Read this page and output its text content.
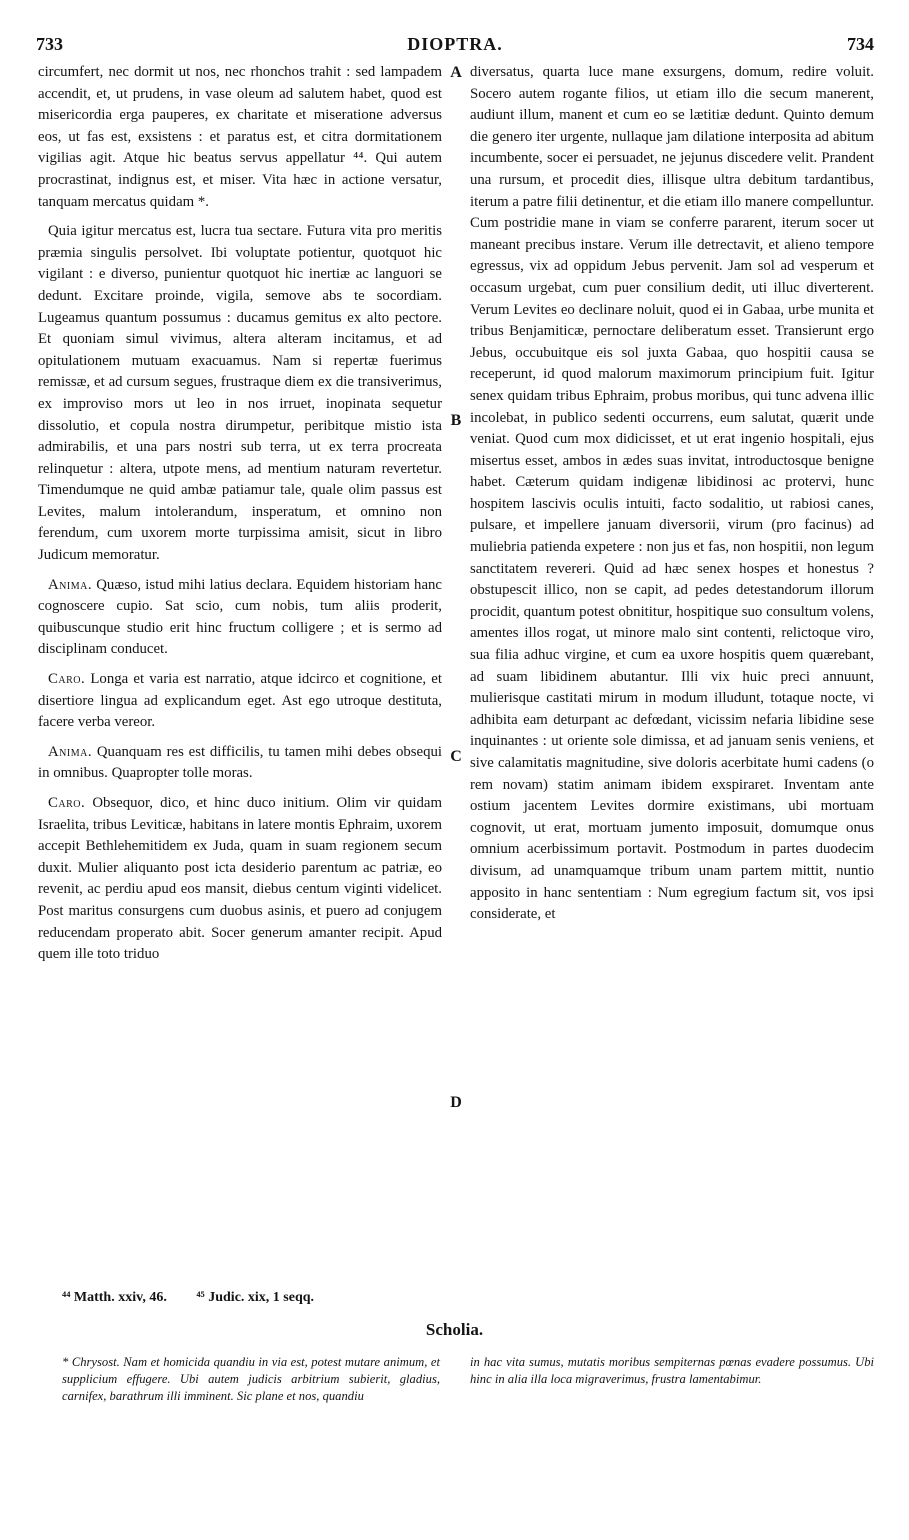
733	DIOPTRA.	734

circumfert, nec dormit ut nos, nec rhonchos trahit : sed lampadem accendit, et, ut prudens, in vase oleum ad salutem habet, quod est misericordia erga pauperes, ex charitate et miseratione adversus eos, ut fas est, exsistens : et paratus est, et citra dormitationem vigilias agit. Atque hic beatus servus appellatur ⁴⁴. Qui autem procrastinat, indignus est, et miser. Vita hæc in actione versatur, tanquam mercatus quidam *.

Quia igitur mercatus est, lucra tua sectare. Futura vita pro meritis præmia singulis persolvet. Ibi voluptate potientur, quotquot hic vigilant : e diverso, punientur quotquot hic inertiæ ac languori se dedunt. Excitare proinde, vigila, semove abs te socordiam. Lugeamus quantum possumus : ducamus gemitus ex alto pectore. Et quoniam simul vivimus, altera alteram incitamus, et ad opitulationem mutuam exacuamus. Nam si repertæ fuerimus remissæ, et ad cursum segues, frustraque diem ex die transiverimus, ex improviso mors ut leo in nos irruet, inopinata sequetur dissolutio, et copula nostra dirumpetur, peribitque mistio ista admirabilis, et una pars nostri sub terra, ut ex terra procreata relinquetur : altera, utpote mens, ad mentium naturam revertetur. Timendumque ne quid ambæ patiamur tale, quale olim passus est Levites, malum intolerandum, insperatum, et omnino non ferendum, cum uxorem morte turpissima amisit, sicut in libro Judicum memoratur.

Anima. Quæso, istud mihi latius declara. Equidem historiam hanc cognoscere cupio. Sat scio, cum nobis, tum aliis proderit, quibuscunque studio erit hinc fructum colligere ; et is sermo ad disciplinam conducet.

Caro. Longa et varia est narratio, atque idcirco et cognitione, et disertiore lingua ad explicandum eget. Ast ego utroque destituta, facere verba vereor.

Anima. Quanquam res est difficilis, tu tamen mihi debes obsequi in omnibus. Quapropter tolle moras.

Caro. Obsequor, dico, et hinc duco initium. Olim vir quidam Israelita, tribus Leviticæ, habitans in latere montis Ephraim, uxorem accepit Bethlehemitidem ex Juda, quam in suam regionem secum duxit. Mulier aliquanto post icta desiderio parentum ac patriæ, eo revenit, ac perdiu apud eos mansit, diebus centum viginti videlicet. Post maritus consurgens cum duobus asinis, et puero ad conjugem reducendam properato abit. Socer generum amanter recipit. Apud quem ille toto triduo

A
B
C
D

diversatus, quarta luce mane exsurgens, domum, redire voluit. Socero autem rogante filios, ut etiam illo die secum manerent, audiunt illum, manent et cum eo se lætitiæ dedunt. Quinto demum die genero iter urgente, nullaque jam dilatione interposita ad abitum incumbente, socer ei persuadet, ne jejunus discedere velit. Prandent una rursum, et procedit dies, illisque ultra debitum tardantibus, iterum a patre filii detinentur, et die etiam illo manere compelluntur. Cum postridie mane in viam se conferre pararent, iterum socer ut maneant precibus instare. Verum ille detrectavit, et alieno tempore egressus, vix ad oppidum Jebus pervenit. Jam sol ad vesperum et occasum urgebat, cum puer consilium dedit, uti illuc diverterent. Verum Levites eo declinare noluit, quod ei in Gabaa, urbe munita et tribus Benjamiticæ, pernoctare deliberatum esset. Transierunt ergo Jebus, occubuitque eis sol juxta Gabaa, quo hospitii causa se receperunt, id quod malorum maximorum principium fuit. Igitur senex quidam tribus Ephraim, probus moribus, qui tunc advena illic incolebat, in publico sedenti occurrens, eum salutat, quærit unde veniat. Quod cum mox didicisset, et ut erat ingenio hospitali, ejus misertus esset, ambos in ædes suas invitat, introductosque benigne habet. Cæterum quidam indigenæ libidinosi ac protervi, hunc hospitem lascivis oculis intuiti, facto sodalitio, ut rabiosi canes, pulsare, et impellere januam diversorii, virum (pro facinus) ad muliebria patienda expetere : non jus et fas, non hospitii, non legum sanctitatem revereri. Quid ad hæc senex hospes et honestus ? obstupescit illico, non se capit, ad pedes detestandorum illorum procidit, quantum potest obnititur, hospitique suo consultum volens, amentes illos rogat, ut minore malo sint contenti, relictoque viro, sua filia adhuc virgine, et cum ea uxore hospitis quem quærebant, ad suam libidinem abutantur. Illi vix huic preci annuunt, mulierisque castitati mirum in modum illudunt, totaque nocte, vi adhibita eam deturpant ac defœdant, vicissim nefaria libidine sese inquinantes : ut oriente sole dimissa, et ad januam senis veniens, et sive calamitatis magnitudine, sive doloris acerbitate humi cadens (o rem novam) statim animam ibidem exspiraret. Inventam ante ostium jacentem Levites dormire existimans, ubi mortuam cognovit, ut erat, mortuam jumento imposuit, domumque onus omnium acerbissimum portavit. Postmodum in partes duodecim divisum, ad unamquamque tribum unam partem mittit, nuntio apposito in hanc sententiam : Num egregium factum sit, vos ipsi considerate, et

⁴⁴ Matth. xxiv, 46. ⁴⁵ Judic. xix, 1 seqq.
Scholia.
* Chrysost. Nam et homicida quandiu in via est, potest mutare animum, et supplicium effugere. Ubi autem judicis arbitrium subierit, gladius, carnifex, barathrum illi imminent. Sic plane et nos, quandiu
in hac vita sumus, mutatis moribus sempiternas pœnas evadere possumus. Ubi hinc in alia illa loca migraverimus, frustra lamentabimur.
